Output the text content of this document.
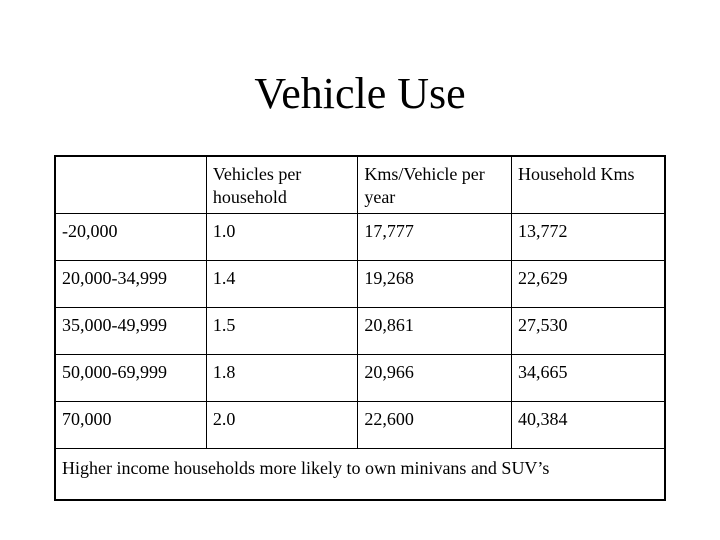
Vehicle Use
	Vehicles per household	Kms/Vehicle per year	Household Kms
-20,000	1.0	17,777	13,772
20,000-34,999	1.4	19,268	22,629
35,000-49,999	1.5	20,861	27,530
50,000-69,999	1.8	20,966	34,665
70,000	2.0	22,600	40,384
Higher income households more likely to own minivans and SUV’s			
